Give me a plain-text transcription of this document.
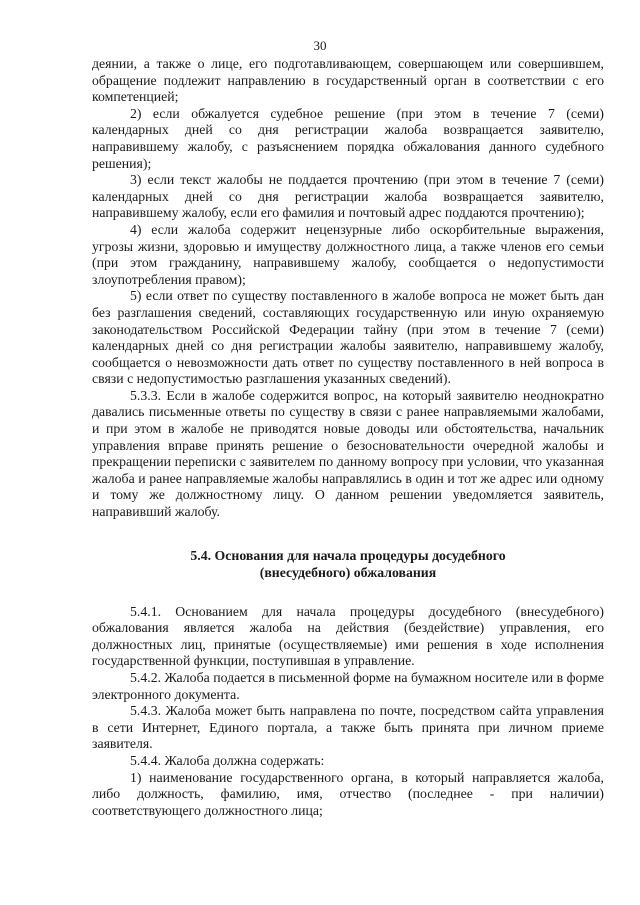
30

деянии, а также о лице, его подготавливающем, совершающем или совершившем, обращение подлежит направлению в государственный орган в соответствии с его компетенцией;

2) если обжалуется судебное решение (при этом в течение 7 (семи) календарных дней со дня регистрации жалоба возвращается заявителю, направившему жалобу, с разъяснением порядка обжалования данного судебного решения);

3) если текст жалобы не поддается прочтению (при этом в течение 7 (семи) календарных дней со дня регистрации жалоба возвращается заявителю, направившему жалобу, если его фамилия и почтовый адрес поддаются прочтению);

4) если жалоба содержит нецензурные либо оскорбительные выражения, угрозы жизни, здоровью и имуществу должностного лица, а также членов его семьи (при этом гражданину, направившему жалобу, сообщается о недопустимости злоупотребления правом);

5) если ответ по существу поставленного в жалобе вопроса не может быть дан без разглашения сведений, составляющих государственную или иную охраняемую законодательством Российской Федерации тайну (при этом в течение 7 (семи) календарных дней со дня регистрации жалобы заявителю, направившему жалобу, сообщается о невозможности дать ответ по существу поставленного в ней вопроса в связи с недопустимостью разглашения указанных сведений).

5.3.3. Если в жалобе содержится вопрос, на который заявителю неоднократно давались письменные ответы по существу в связи с ранее направляемыми жалобами, и при этом в жалобе не приводятся новые доводы или обстоятельства, начальник управления вправе принять решение о безосновательности очередной жалобы и прекращении переписки с заявителем по данному вопросу при условии, что указанная жалоба и ранее направляемые жалобы направлялись в один и тот же адрес или одному и тому же должностному лицу. О данном решении уведомляется заявитель, направивший жалобу.

5.4. Основания для начала процедуры досудебного
(внесудебного) обжалования

5.4.1. Основанием для начала процедуры досудебного (внесудебного) обжалования является жалоба на действия (бездействие) управления, его должностных лиц, принятые (осуществляемые) ими решения в ходе исполнения государственной функции, поступившая в управление.

5.4.2. Жалоба подается в письменной форме на бумажном носителе или в форме электронного документа.

5.4.3. Жалоба может быть направлена по почте, посредством сайта управления в сети Интернет, Единого портала, а также быть принята при личном приеме заявителя.

5.4.4. Жалоба должна содержать:

1) наименование государственного органа, в который направляется жалоба, либо должность, фамилию, имя, отчество (последнее - при наличии) соответствующего должностного лица;
